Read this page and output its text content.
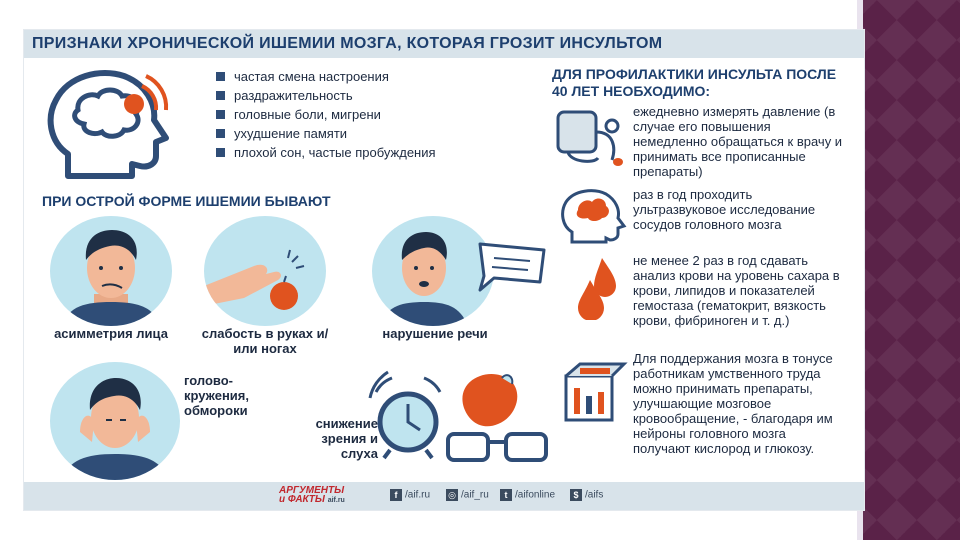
ПРИЗНАКИ ХРОНИЧЕСКОЙ ИШЕМИИ МОЗГА, КОТОРАЯ ГРОЗИТ ИНСУЛЬТОМ
частая смена настроения
раздражительность
головные боли, мигрени
ухудшение памяти
плохой сон, частые пробуждения
ПРИ ОСТРОЙ ФОРМЕ ИШЕМИИ БЫВАЮТ
асимметрия лица	слабость в руках и/или ногах
нарушение речи
голово-кружения, обмороки
снижение зрения и слуха
ДЛЯ ПРОФИЛАКТИКИ ИНСУЛЬТА ПОСЛЕ 40 ЛЕТ НЕОБХОДИМО:
ежедневно измерять давление (в случае его повышения немедленно обращаться к врачу и принимать все прописанные препараты)
раз в год проходить ультразвуковое исследование сосудов головного мозга
не менее 2 раз в год сдавать анализ крови на уровень сахара в крови, липидов и показателей гемостаза (гематокрит, вязкость крови, фибриноген и т. д.)
Для поддержания мозга в тонусе работникам умственного труда можно принимать препараты, улучшающие мозговое кровообращение, - благодаря им нейроны головного мозга получают кислород и глюкозу.
АРГУМЕНТЫ
и ФАКТЫ aif.ru
f /aif.ru ◎ /aif_ru	t /aifonline	$ /aifs
